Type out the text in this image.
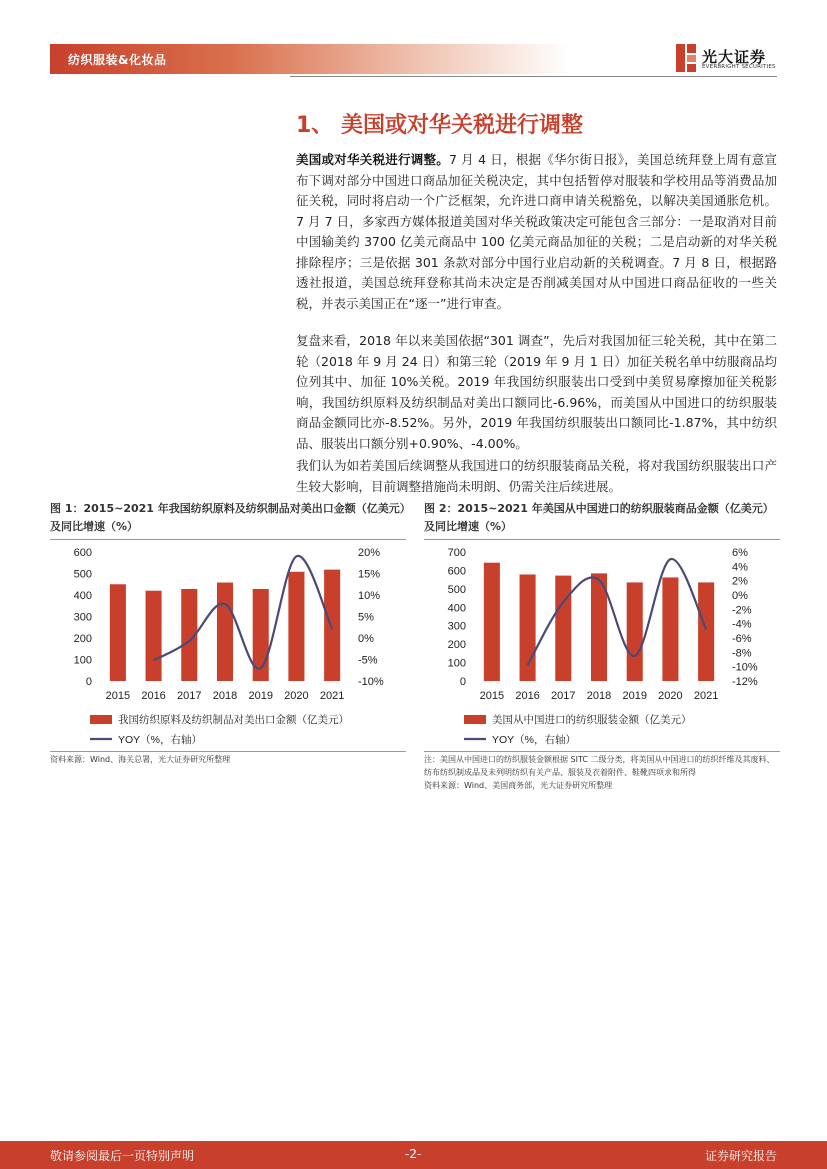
纺织服装&化妆品	光大证券
EVERBRIGHT SECURITIES
1、 美国或对华关税进行调整
美国或对华关税进行调整。7 月 4 日，根据《华尔街日报》，美国总统拜登上周有意宣布下调对部分中国进口商品加征关税决定，其中包括暂停对服装和学校用品等消费品加征关税，同时将启动一个广泛框架，允许进口商申请关税豁免，以解决美国通胀危机。7 月 7 日，多家西方媒体报道美国对华关税政策决定可能包含三部分：一是取消对目前中国输美约 3700 亿美元商品中 100 亿美元商品加征的关税；二是启动新的对华关税排除程序；三是依据 301 条款对部分中国行业启动新的关税调查。7 月 8 日，根据路透社报道，美国总统拜登称其尚未决定是否削减美国对从中国进口商品征收的一些关税，并表示美国正在“逐一”进行审查。
复盘来看，2018 年以来美国依据“301 调查”，先后对我国加征三轮关税，其中在第二轮（2018 年 9 月 24 日）和第三轮（2019 年 9 月 1 日）加征关税名单中纺服商品均位列其中、加征 10%关税。2019 年我国纺织服装出口受到中美贸易摩擦加征关税影响，我国纺织原料及纺织制品对美出口额同比-6.96%，而美国从中国进口的纺织服装商品金额同比亦-8.52%。另外，2019 年我国纺织服装出口额同比-1.87%，其中纺织品、服装出口额分别+0.90%、-4.00%。
我们认为如若美国后续调整从我国进口的纺织服装商品关税，将对我国纺织服装出口产生较大影响，目前调整措施尚未明朗、仍需关注后续进展。
图 1：2015~2021 年我国纺织原料及纺织制品对美出口金额（亿美元）及同比增速（%）
图 2：2015~2021 年美国从中国进口的纺织服装商品金额（亿美元）及同比增速（%）
0
100
200
300
400
500
600
-10%
-5%
0%
5%
10%
15%
20%
2015 2016 2017 2018 2019 2020 2021
我国纺织原料及纺织制品对美出口金额（亿美元）
YOY（%，右轴）
0
100
200
300
400
500
600
700
-12%
-10%
-8%
-6%
-4%
-2%
0%
2%
4%
6%
2015 2016 2017 2018 2019 2020 2021
美国从中国进口的纺织服装金额（亿美元）
YOY（%，右轴）
资料来源：Wind、海关总署，光大证券研究所整理	注：美国从中国进口的纺织服装金额根据 SITC 二级分类，将美国从中国进口的纺织纤维及其废料、纺布纺织制成品及未列明纺织有关产品、服装及衣着附件、鞋靴四项求和所得
资料来源：Wind、美国商务部，光大证券研究所整理
敬请参阅最后一页特别声明	-2-	证券研究报告
